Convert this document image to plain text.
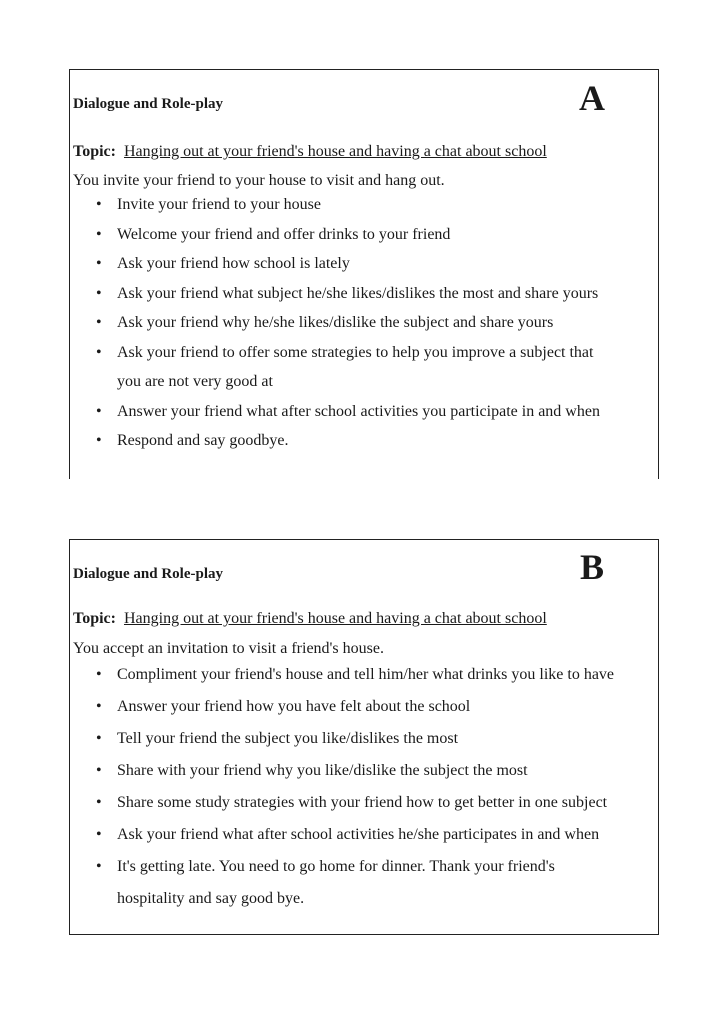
Dialogue and Role-play	A
Topic: Hanging out at your friend's house and having a chat about school
You invite your friend to your house to visit and hang out.
• Invite your friend to your house
• Welcome your friend and offer drinks to your friend
• Ask your friend how school is lately
• Ask your friend what subject he/she likes/dislikes the most and share yours
• Ask your friend why he/she likes/dislike the subject and share yours
• Ask your friend to offer some strategies to help you improve a subject that
you are not very good at
• Answer your friend what after school activities you participate in and when
• Respond and say goodbye.
Dialogue and Role-play	B
Topic: Hanging out at your friend's house and having a chat about school
You accept an invitation to visit a friend's house.
• Compliment your friend's house and tell him/her what drinks you like to have
• Answer your friend how you have felt about the school
• Tell your friend the subject you like/dislikes the most
• Share with your friend why you like/dislike the subject the most
• Share some study strategies with your friend how to get better in one subject
• Ask your friend what after school activities he/she participates in and when
• It's getting late. You need to go home for dinner. Thank your friend's
hospitality and say good bye.
